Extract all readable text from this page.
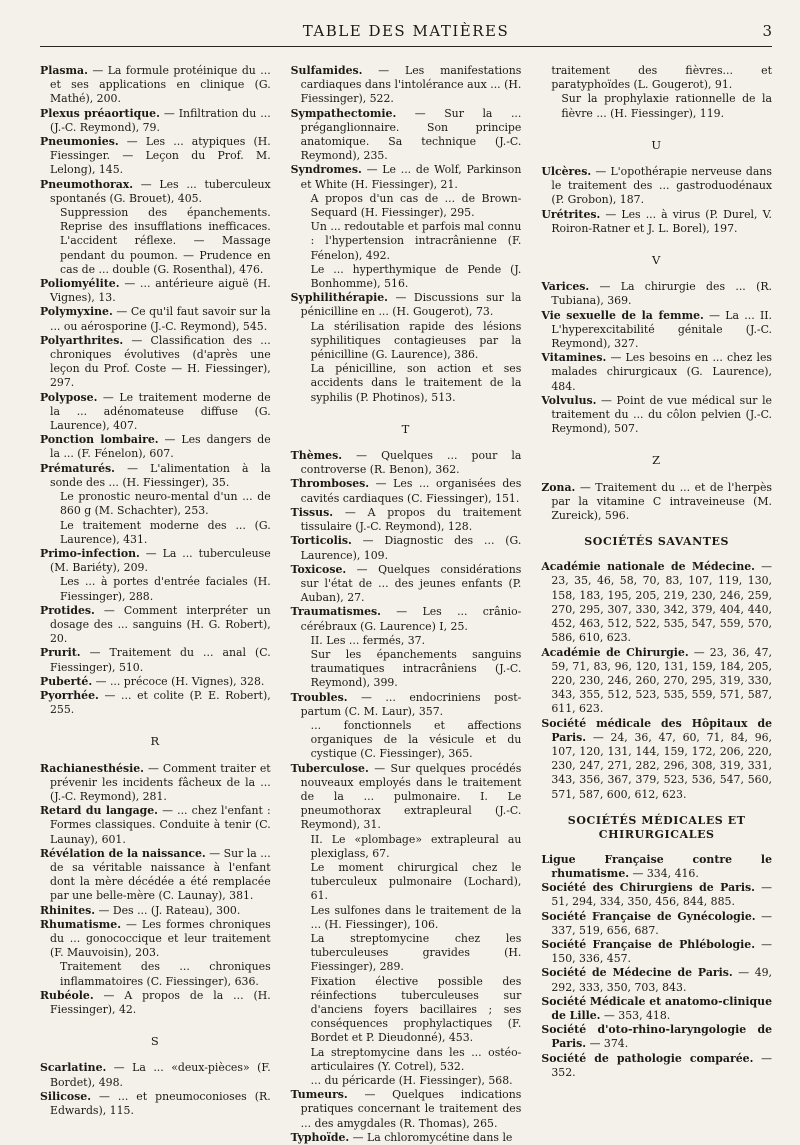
TABLE DES MATIÈRES	3

Plasma. — La formule protéinique du ... et ses applications en clinique (G. Mathé), 200.

Plexus préaortique. — Infiltration du ... (J.-C. Reymond), 79.

Pneumonies. — Les ... atypiques (H. Fiessinger. — Leçon du Prof. M. Lelong), 145.

Pneumothorax. — Les ... tuberculeux spontanés (G. Brouet), 405.
Suppression des épanchements. Reprise des insufflations inefficaces. L'accident réflexe. — Massage pendant du poumon. — Prudence en cas de ... double (G. Rosenthal), 476.

Poliomyélite. — ... antérieure aiguë (H. Vignes), 13.

Polymyxine. — Ce qu'il faut savoir sur la ... ou aérosporine (J.-C. Reymond), 545.

Polyarthrites. — Classification des ... chroniques évolutives (d'après une leçon du Prof. Coste — H. Fiessinger), 297.

Polypose. — Le traitement moderne de la ... adénomateuse diffuse (G. Laurence), 407.

Ponction lombaire. — Les dangers de la ... (F. Fénelon), 607.

Prématurés. — L'alimentation à la sonde des ... (H. Fiessinger), 35.
Le pronostic neuro-mental d'un ... de 860 g (M. Schachter), 253.
Le traitement moderne des ... (G. Laurence), 431.

Primo-infection. — La ... tuberculeuse (M. Bariéty), 209.
Les ... à portes d'entrée faciales (H. Fiessinger), 288.

Protides. — Comment interpréter un dosage des ... sanguins (H. G. Robert), 20.

Prurit. — Traitement du ... anal (C. Fiessinger), 510.

Puberté. — ... précoce (H. Vignes), 328.

Pyorrhée. — ... et colite (P. E. Robert), 255.

R

Rachianesthésie. — Comment traiter et prévenir les incidents fâcheux de la ... (J.-C. Reymond), 281.

Retard du langage. — ... chez l'enfant : Formes classiques. Conduite à tenir (C. Launay), 601.

Révélation de la naissance. — Sur la ... de sa véritable naissance à l'enfant dont la mère décédée a été remplacée par une belle-mère (C. Launay), 381.

Rhinites. — Des ... (J. Rateau), 300.

Rhumatisme. — Les formes chroniques du ... gonococcique et leur traitement (F. Mauvoisin), 203.
Traitement des ... chroniques inflammatoires (C. Fiessinger), 636.

Rubéole. — A propos de la ... (H. Fiessinger), 42.

S

Scarlatine. — La ... «deux-pièces» (F. Bordet), 498.

Silicose. — ... et pneumoconioses (R. Edwards), 115.

Sulfamides. — Les manifestations cardiaques dans l'intolérance aux ... (H. Fiessinger), 522.

Sympathectomie. — Sur la ... préganglionnaire. Son principe anatomique. Sa technique (J.-C. Reymond), 235.

Syndromes. — Le ... de Wolf, Parkinson et White (H. Fiessinger), 21.
A propos d'un cas de ... de Brown-Sequard (H. Fiessinger), 295.
Un ... redoutable et parfois mal connu : l'hypertension intracrânienne (F. Fénelon), 492.
Le ... hyperthymique de Pende (J. Bonhomme), 516.

Syphilithérapie. — Discussions sur la pénicilline en ... (H. Gougerot), 73.
La stérilisation rapide des lésions syphilitiques contagieuses par la pénicilline (G. Laurence), 386.
La pénicilline, son action et ses accidents dans le traitement de la syphilis (P. Photinos), 513.

T

Thèmes. — Quelques ... pour la controverse (R. Benon), 362.

Thromboses. — Les ... organisées des cavités cardiaques (C. Fiessinger), 151.

Tissus. — A propos du traitement tissulaire (J.-C. Reymond), 128.

Torticolis. — Diagnostic des ... (G. Laurence), 109.

Toxicose. — Quelques considérations sur l'état de ... des jeunes enfants (P. Auban), 27.

Traumatismes. — Les ... crânio-cérébraux (G. Laurence) I, 25.
II. Les ... fermés, 37.
Sur les épanchements sanguins traumatiques intracrâniens (J.-C. Reymond), 399.

Troubles. — ... endocriniens post-partum (C. M. Laur), 357.
... fonctionnels et affections organiques de la vésicule et du cystique (C. Fiessinger), 365.

Tuberculose. — Sur quelques procédés nouveaux employés dans le traitement de la ... pulmonaire. I. Le pneumothorax extrapleural (J.-C. Reymond), 31.
II. Le «plombage» extrapleural au plexiglass, 67.
Le moment chirurgical chez le tuberculeux pulmonaire (Lochard), 61.
Les sulfones dans le traitement de la ... (H. Fiessinger), 106.
La streptomycine chez les tuberculeuses gravides (H. Fiessinger), 289.
Fixation élective possible des réinfections tuberculeuses sur d'anciens foyers bacillaires ; ses conséquences prophylactiques (F. Bordet et P. Dieudonné), 453.
La streptomycine dans les ... ostéo-articulaires (Y. Cotrel), 532.
... du péricarde (H. Fiessinger), 568.

Tumeurs. — Quelques indications pratiques concernant le traitement des ... des amygdales (R. Thomas), 265.

Typhoïde. — La chloromycétine dans le

traitement des fièvres... et paratyphoïdes (L. Gougerot), 91.
Sur la prophylaxie rationnelle de la fièvre ... (H. Fiessinger), 119.

U

Ulcères. — L'opothérapie nerveuse dans le traitement des ... gastroduodénaux (P. Grobon), 187.

Urétrites. — Les ... à virus (P. Durel, V. Roiron-Ratner et J. L. Borel), 197.

V

Varices. — La chirurgie des ... (R. Tubiana), 369.

Vie sexuelle de la femme. — La ... II. L'hyperexcitabilité génitale (J.-C. Reymond), 327.

Vitamines. — Les besoins en ... chez les malades chirurgicaux (G. Laurence), 484.

Volvulus. — Point de vue médical sur le traitement du ... du côlon pelvien (J.-C. Reymond), 507.

Z

Zona. — Traitement du ... et de l'herpès par la vitamine C intraveineuse (M. Zureick), 596.

SOCIÉTÉS SAVANTES

Académie nationale de Médecine. — 23, 35, 46, 58, 70, 83, 107, 119, 130, 158, 183, 195, 205, 219, 230, 246, 259, 270, 295, 307, 330, 342, 379, 404, 440, 452, 463, 512, 522, 535, 547, 559, 570, 586, 610, 623.

Académie de Chirurgie. — 23, 36, 47, 59, 71, 83, 96, 120, 131, 159, 184, 205, 220, 230, 246, 260, 270, 295, 319, 330, 343, 355, 512, 523, 535, 559, 571, 587, 611, 623.

Société médicale des Hôpitaux de Paris. — 24, 36, 47, 60, 71, 84, 96, 107, 120, 131, 144, 159, 172, 206, 220, 230, 247, 271, 282, 296, 308, 319, 331, 343, 356, 367, 379, 523, 536, 547, 560, 571, 587, 600, 612, 623.

SOCIÉTÉS MÉDICALES ET CHIRURGICALES

Ligue Française contre le rhumatisme. — 334, 416.

Société des Chirurgiens de Paris. — 51, 294, 334, 350, 456, 844, 885.

Société Française de Gynécologie. — 337, 519, 656, 687.

Société Française de Phlébologie. — 150, 336, 457.

Société de Médecine de Paris. — 49, 292, 333, 350, 703, 843.

Société Médicale et anatomo-clinique de Lille. — 353, 418.

Société d'oto-rhino-laryngologie de Paris. — 374.

Société de pathologie comparée. — 352.
